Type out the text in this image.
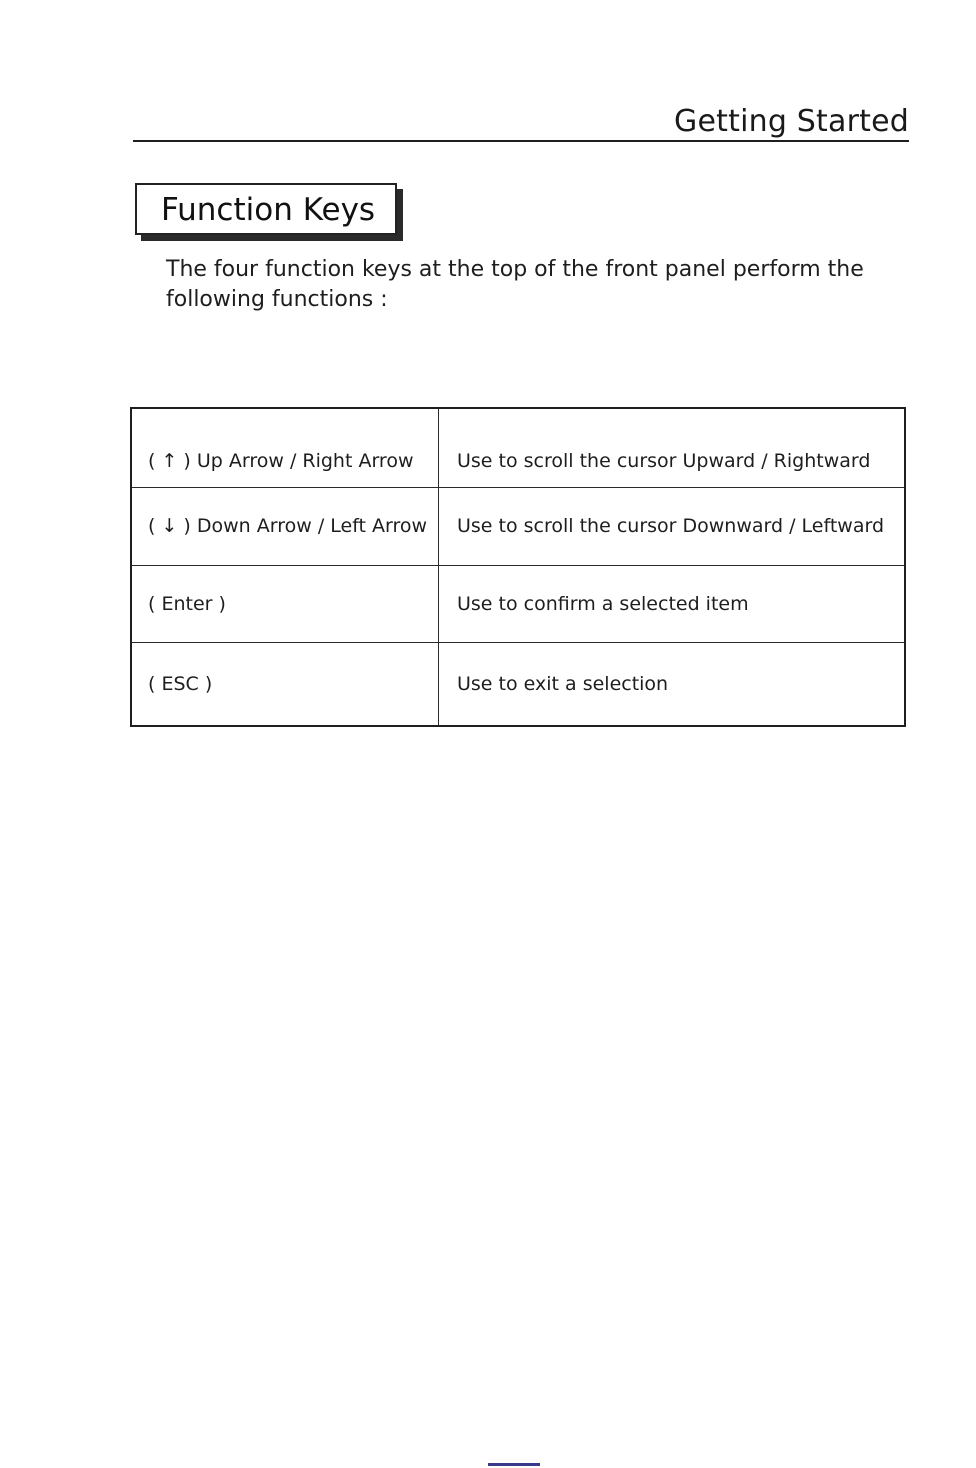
Getting Started
Function Keys
The four function keys at the top of the front panel perform the following functions :
( ↑ ) Up Arrow / Right Arrow	Use to scroll the cursor Upward / Rightward
( ↓ ) Down Arrow / Left Arrow	Use to scroll the cursor Downward / Leftward
( Enter )	Use to confirm a selected item
( ESC )	Use to exit a selection
